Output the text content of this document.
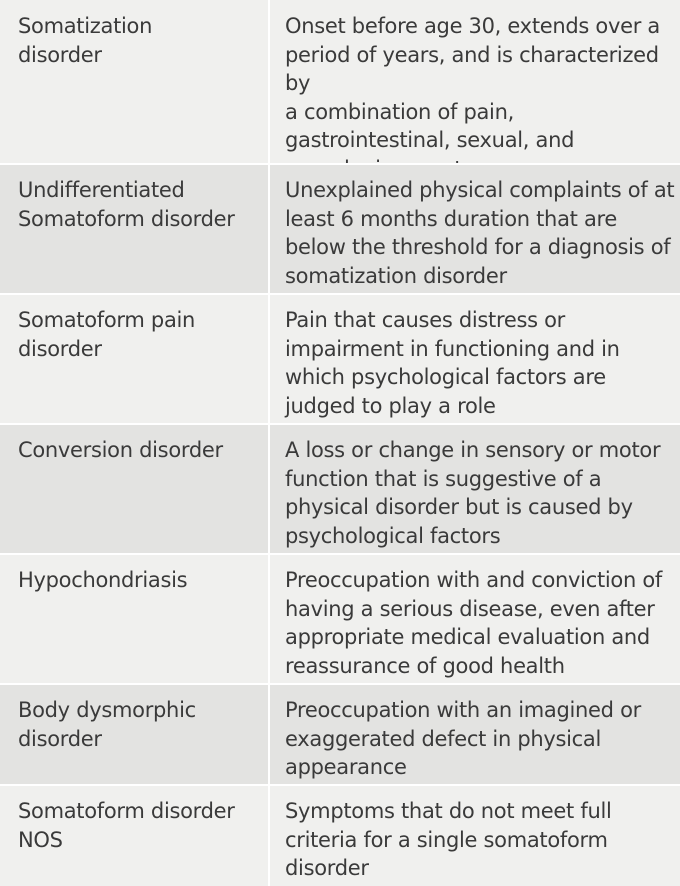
Somatization
disorder
Onset before age 30, extends over a
period of years, and is characterized by
a combination of pain,
gastrointestinal, sexual, and

Undifferentiated
Somatoform disorder
Unexplained physical complaints of at
least 6 months duration that are
below the threshold for a diagnosis of
somatization disorder
Somatoform pain
disorder
Pain that causes distress or
impairment in functioning and in
which psychological factors are
judged to play a role
Conversion disorder	A loss or change in sensory or motor
function that is suggestive of a
physical disorder but is caused by
psychological factors
Hypochondriasis	Preoccupation with and conviction of
having a serious disease, even after
appropriate medical evaluation and
reassurance of good health
Body dysmorphic
disorder
Preoccupation with an imagined or
exaggerated defect in physical
appearance
Somatoform disorder
NOS
Symptoms that do not meet full
criteria for a single somatoform
disorder
